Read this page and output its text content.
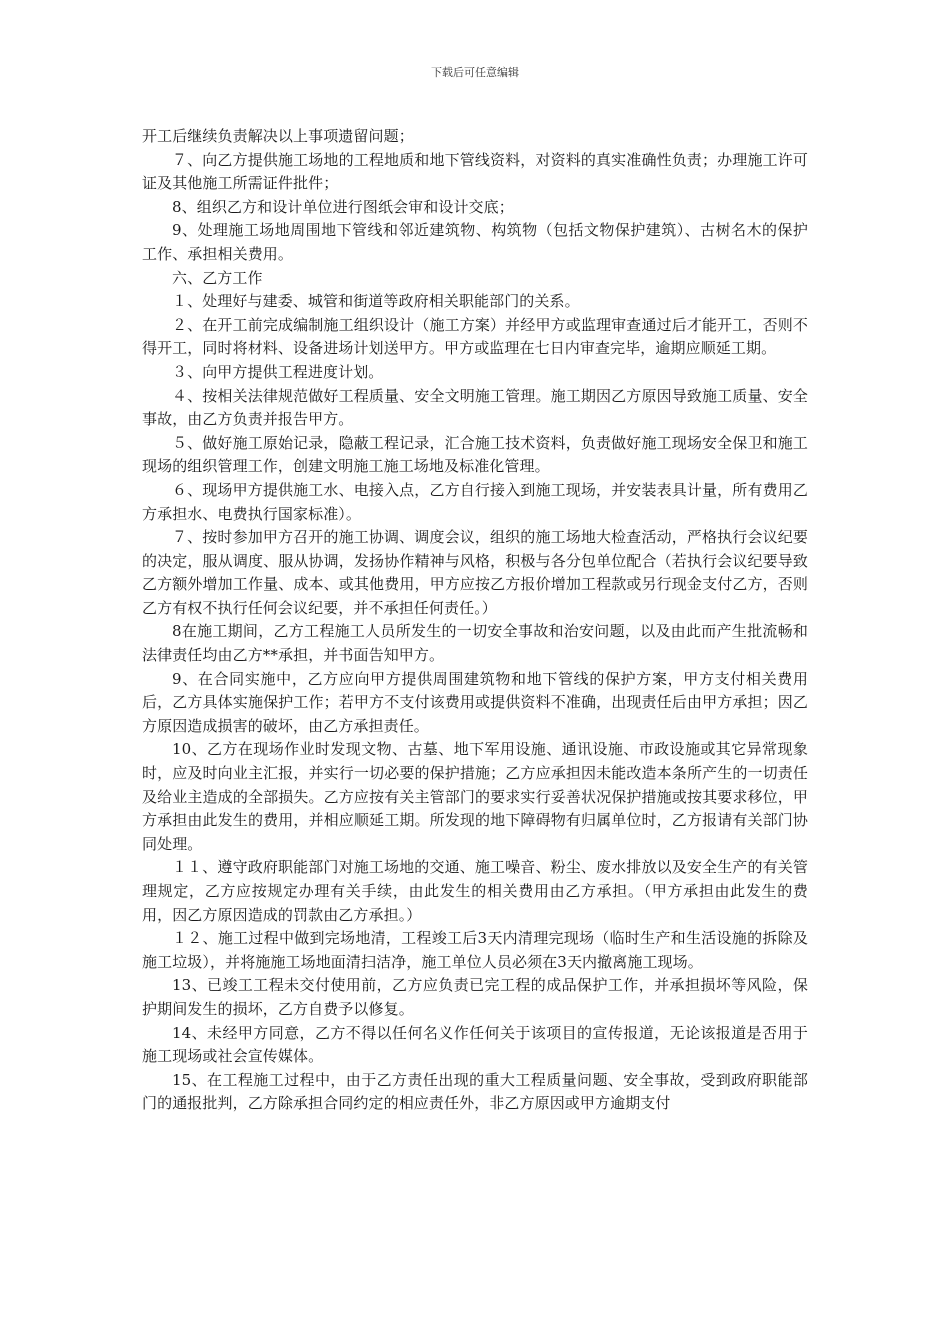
下载后可任意编辑

开工后继续负责解决以上事项遗留问题；

７、向乙方提供施工场地的工程地质和地下管线资料，对资料的真实准确性负责；办理施工许可证及其他施工所需证件批件；

8、组织乙方和设计单位进行图纸会审和设计交底；

9、处理施工场地周围地下管线和邻近建筑物、构筑物（包括文物保护建筑）、古树名木的保护工作、承担相关费用。

六、乙方工作

１、处理好与建委、城管和街道等政府相关职能部门的关系。

２、在开工前完成编制施工组织设计（施工方案）并经甲方或监理审查通过后才能开工，否则不得开工，同时将材料、设备进场计划送甲方。甲方或监理在七日内审查完毕，逾期应顺延工期。

３、向甲方提供工程进度计划。

４、按相关法律规范做好工程质量、安全文明施工管理。施工期因乙方原因导致施工质量、安全事故，由乙方负责并报告甲方。

５、做好施工原始记录，隐蔽工程记录，汇合施工技术资料，负责做好施工现场安全保卫和施工现场的组织管理工作，创建文明施工施工场地及标准化管理。

６、现场甲方提供施工水、电接入点，乙方自行接入到施工现场，并安装表具计量，所有费用乙方承担水、电费执行国家标准）。

７、按时参加甲方召开的施工协调、调度会议，组织的施工场地大检查活动，严格执行会议纪要的决定，服从调度、服从协调，发扬协作精神与风格，积极与各分包单位配合（若执行会议纪要导致乙方额外增加工作量、成本、或其他费用，甲方应按乙方报价增加工程款或另行现金支付乙方，否则乙方有权不执行任何会议纪要，并不承担任何责任。）

8在施工期间，乙方工程施工人员所发生的一切安全事故和治安问题，以及由此而产生批流畅和法律责任均由乙方**承担，并书面告知甲方。

9、在合同实施中，乙方应向甲方提供周围建筑物和地下管线的保护方案，甲方支付相关费用后，乙方具体实施保护工作；若甲方不支付该费用或提供资料不准确，出现责任后由甲方承担；因乙方原因造成损害的破坏，由乙方承担责任。

10、乙方在现场作业时发现文物、古墓、地下军用设施、通讯设施、市政设施或其它异常现象时，应及时向业主汇报，并实行一切必要的保护措施；乙方应承担因未能改造本条所产生的一切责任及给业主造成的全部损失。乙方应按有关主管部门的要求实行妥善状况保护措施或按其要求移位，甲方承担由此发生的费用，并相应顺延工期。所发现的地下障碍物有归属单位时，乙方报请有关部门协同处理。

１１、遵守政府职能部门对施工场地的交通、施工噪音、粉尘、废水排放以及安全生产的有关管理规定，乙方应按规定办理有关手续，由此发生的相关费用由乙方承担。（甲方承担由此发生的费用，因乙方原因造成的罚款由乙方承担。）

１２、施工过程中做到完场地清，工程竣工后3天内清理完现场（临时生产和生活设施的拆除及施工垃圾），并将施施工场地面清扫洁净，施工单位人员必须在3天内撤离施工现场。

13、已竣工工程未交付使用前，乙方应负责已完工程的成品保护工作，并承担损坏等风险，保护期间发生的损坏，乙方自费予以修复。

14、未经甲方同意，乙方不得以任何名义作任何关于该项目的宣传报道，无论该报道是否用于施工现场或社会宣传媒体。

15、在工程施工过程中，由于乙方责任出现的重大工程质量问题、安全事故，受到政府职能部门的通报批判，乙方除承担合同约定的相应责任外，非乙方原因或甲方逾期支付
